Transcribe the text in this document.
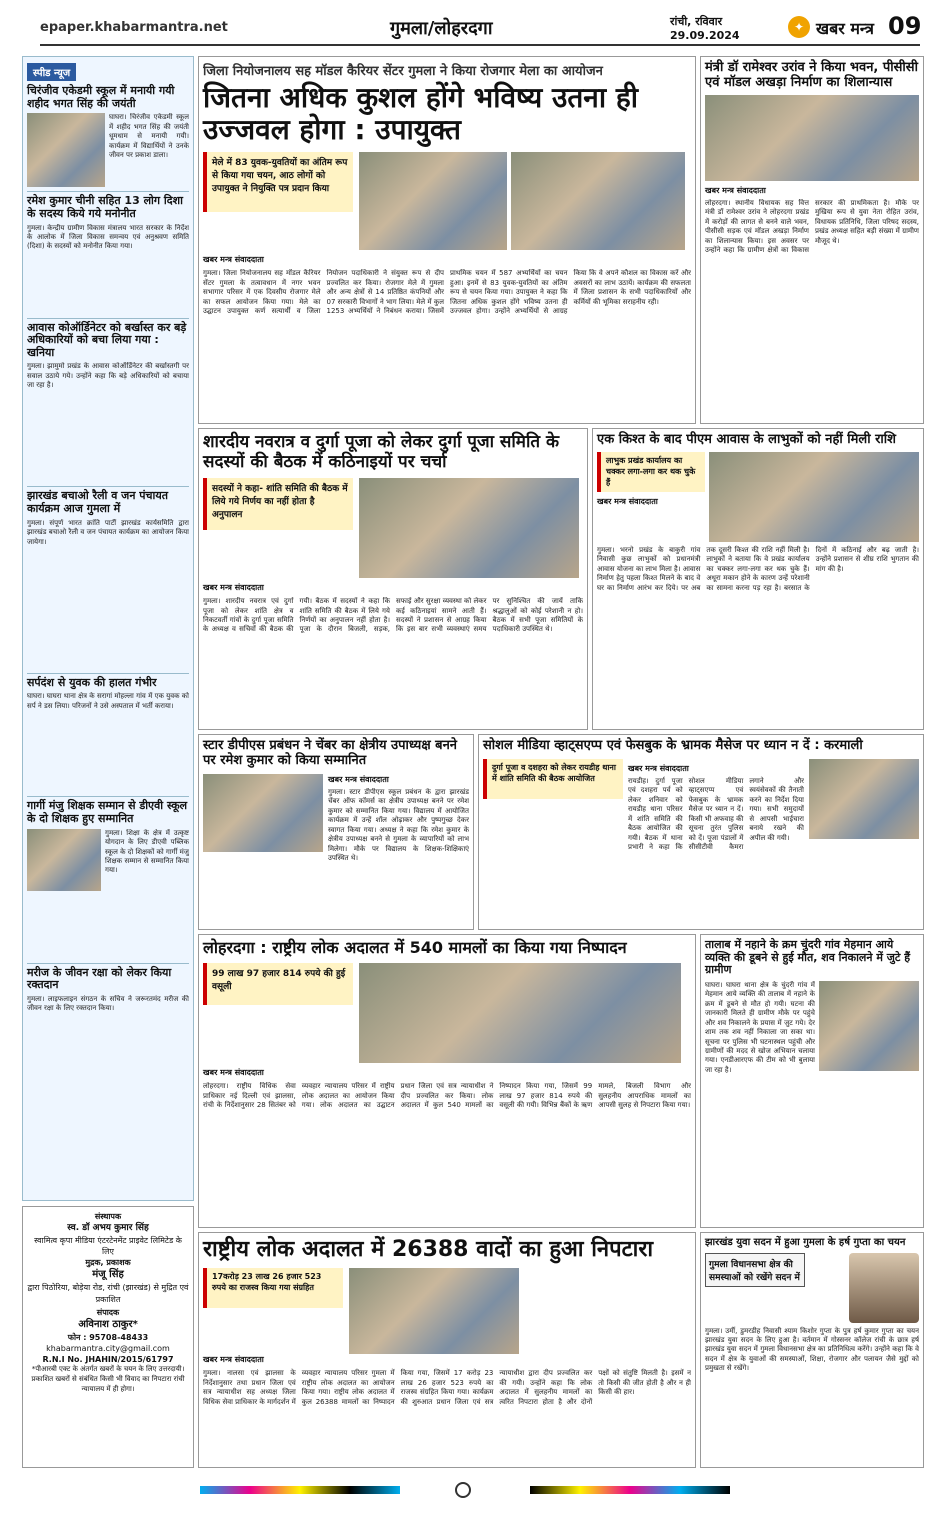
epaper.khabarmantra.net	गुमला/लोहरदगा	रांची, रविवार
29.09.2024
✦ खबर मन्त्र 09
स्पीड न्यूज
चिरंजीव एकेडमी स्कूल में मनायी गयी शहीद भगत सिंह की जयंती
घाघरा। चिरंजीव एकेडमी स्कूल में शहीद भगत सिंह की जयंती धूमधाम से मनायी गयी। कार्यक्रम में विद्यार्थियों ने उनके जीवन पर प्रकाश डाला।
रमेश कुमार चीनी सहित 13 लोग दिशा के सदस्य किये गये मनोनीत
गुमला। केन्द्रीय ग्रामीण विकास मंत्रालय भारत सरकार के निर्देश के आलोक में जिला विकास समन्वय एवं अनुश्रवण समिति (दिशा) के सदस्यों को मनोनीत किया गया।
आवास कोऑर्डिनेटर को बर्खास्त कर बड़े अधिकारियों को बचा लिया गया : खनिया
गुमला। झामुमो प्रखंड के आवास कोऑर्डिनेटर की बर्खास्तगी पर सवाल उठाये गये। उन्होंने कहा कि बड़े अधिकारियों को बचाया जा रहा है।
झारखंड बचाओ रैली व जन पंचायत कार्यक्रम आज गुमला में
गुमला। संपूर्ण भारत क्रांति पार्टी झारखंड कार्यसमिति द्वारा झारखंड बचाओ रैली व जन पंचायत कार्यक्रम का आयोजन किया जायेगा।
सर्पदंश से युवक की हालत गंभीर
घाघरा। घाघरा थाना क्षेत्र के सरागां मोहल्ला गांव में एक युवक को सर्प ने डस लिया। परिजनों ने उसे अस्पताल में भर्ती कराया।
गार्गी मंजु शिक्षक सम्मान से डीएवी स्कूल के दो शिक्षक हुए सम्मानित
गुमला। शिक्षा के क्षेत्र में उत्कृष्ट योगदान के लिए डीएवी पब्लिक स्कूल के दो शिक्षकों को गार्गी मंजु शिक्षक सम्मान से सम्मानित किया गया।
मरीज के जीवन रक्षा को लेकर किया रक्तदान
गुमला। लाइफलाइन संगठन के सचिव ने जरूरतमंद मरीज की जीवन रक्षा के लिए रक्तदान किया।
संस्थापक
स्व. डॉ अभय कुमार सिंह
स्वामित्व कृपा मीडिया एंटरटेनमेंट प्राइवेट लिमिटेड के लिए
मुद्रक, प्रकाशक
मंजू सिंह
द्वारा पिठोरिया, बोड़ेया रोड, रांची (झारखंड) से मुद्रित एवं प्रकाशित
संपादक
अविनाश ठाकुर*
फोन : 95708-48433
khabarmantra.city@gmail.com
R.N.I No. JHAHIN/2015/61797
*पीआरबी एक्ट के अंतर्गत खबरों के चयन के लिए उत्तरदायी। प्रकाशित खबरों से संबंधित किसी भी विवाद का निपटारा रांची न्यायालय में ही होगा।
जिला नियोजनालय सह मॉडल कैरियर सेंटर गुमला ने किया रोजगार मेला का आयोजन
जितना अधिक कुशल होंगे भविष्य उतना ही उज्जवल होगा : उपायुक्त
मेले में 83 युवक-युवतियों का अंतिम रूप से किया गया चयन, आठ लोगों को उपायुक्त ने नियुक्ति पत्र प्रदान किया
खबर मन्त्र संवाददाता
गुमला। जिला नियोजनालय सह मॉडल कैरियर सेंटर गुमला के तत्वावधान में नगर भवन सभागार परिसर में एक दिवसीय रोजगार मेले का सफल आयोजन किया गया। मेले का उद्घाटन उपायुक्त कर्ण सत्यार्थी व जिला नियोजन पदाधिकारी ने संयुक्त रूप से दीप प्रज्वलित कर किया। रोजगार मेले में गुमला और अन्य क्षेत्रों से 14 प्रतिष्ठित कंपनियों और 07 सरकारी विभागों ने भाग लिया। मेले में कुल 1253 अभ्यर्थियों ने निबंधन कराया। जिसमें प्राथमिक चयन में 587 अभ्यर्थियों का चयन हुआ। इनमें से 83 युवक-युवतियों का अंतिम रूप से चयन किया गया। उपायुक्त ने कहा कि जितना अधिक कुशल होंगे भविष्य उतना ही उज्जवल होगा। उन्होंने अभ्यर्थियों से आग्रह किया कि वे अपने कौशल का विकास करें और अवसरों का लाभ उठायें। कार्यक्रम की सफलता में जिला प्रशासन के सभी पदाधिकारियों और कर्मियों की भूमिका सराहनीय रही।
मंत्री डॉ रामेश्वर उरांव ने किया भवन, पीसीसी एवं मॉडल अखड़ा निर्माण का शिलान्यास
खबर मन्त्र संवाददाता
लोहरदगा। स्थानीय विधायक सह वित्त मंत्री डॉ रामेश्वर उरांव ने लोहरदगा प्रखंड में करोड़ों की लागत से बनने वाले भवन, पीसीसी सड़क एवं मॉडल अखड़ा निर्माण का शिलान्यास किया। इस अवसर पर उन्होंने कहा कि ग्रामीण क्षेत्रों का विकास सरकार की प्राथमिकता है। मौके पर मुखिया रूप से युवा नेता रोहित उरांव, विधायक प्रतिनिधि, जिला परिषद सदस्य, प्रखंड अध्यक्ष सहित बड़ी संख्या में ग्रामीण मौजूद थे।
शारदीय नवरात्र व दुर्गा पूजा को लेकर दुर्गा पूजा समिति के सदस्यों की बैठक में कठिनाइयों पर चर्चा
सदस्यों ने कहा- शांति समिति की बैठक में लिये गये निर्णय का नहीं होता है अनुपालन
खबर मन्त्र संवाददाता
गुमला। शारदीय नवरात्र एवं दुर्गा पूजा को लेकर शांति क्षेत्र व निकटवर्ती गांवों के दुर्गा पूजा समिति के अध्यक्ष व सचिवों की बैठक की गयी। बैठक में सदस्यों ने कहा कि शांति समिति की बैठक में लिये गये निर्णयों का अनुपालन नहीं होता है। पूजा के दौरान बिजली, सड़क, सफाई और सुरक्षा व्यवस्था को लेकर कई कठिनाइयां सामने आती हैं। सदस्यों ने प्रशासन से आग्रह किया कि इस बार सभी व्यवस्थाएं समय पर सुनिश्चित की जायें ताकि श्रद्धालुओं को कोई परेशानी न हो। बैठक में सभी पूजा समितियों के पदाधिकारी उपस्थित थे।
एक किश्त के बाद पीएम आवास के लाभुकों को नहीं मिली राशि
लाभुक प्रखंड कार्यालय का चक्कर लगा-लगा कर थक चुके हैं
खबर मन्त्र संवाददाता
गुमला। भरनो प्रखंड के बाकुरी गांव निवासी कुछ लाभुकों को प्रधानमंत्री आवास योजना का लाभ मिला है। आवास निर्माण हेतु पहला किश्त मिलने के बाद वे घर का निर्माण आरंभ कर दिये। पर अब तक दूसरी किश्त की राशि नहीं मिली है। लाभुकों ने बताया कि वे प्रखंड कार्यालय का चक्कर लगा-लगा कर थक चुके हैं। अधूरा मकान होने के कारण उन्हें परेशानी का सामना करना पड़ रहा है। बरसात के दिनों में कठिनाई और बढ़ जाती है। उन्होंने प्रशासन से शीघ्र राशि भुगतान की मांग की है।
स्टार डीपीएस प्रबंधन ने चेंबर का क्षेत्रीय उपाध्यक्ष बनने पर रमेश कुमार को किया सम्मानित
खबर मन्त्र संवाददाता
गुमला। स्टार डीपीएस स्कूल प्रबंधन के द्वारा झारखंड चेंबर ऑफ कॉमर्स का क्षेत्रीय उपाध्यक्ष बनने पर रमेश कुमार को सम्मानित किया गया। विद्यालय में आयोजित कार्यक्रम में उन्हें शॉल ओढ़ाकर और पुष्पगुच्छ देकर स्वागत किया गया। अध्यक्ष ने कहा कि रमेश कुमार के क्षेत्रीय उपाध्यक्ष बनने से गुमला के व्यापारियों को लाभ मिलेगा। मौके पर विद्यालय के शिक्षक-शिक्षिकाएं उपस्थित थे।
सोशल मीडिया व्हाट्सएप्प एवं फेसबुक के भ्रामक मैसेज पर ध्यान न दें : करमाली
दुर्गा पूजा व दशहरा को लेकर रायडीह थाना में शांति समिति की बैठक आयोजित
खबर मन्त्र संवाददाता
रायडीह। दुर्गा पूजा एवं दशहरा पर्व को लेकर शनिवार को रायडीह थाना परिसर में शांति समिति की बैठक आयोजित की गयी। बैठक में थाना प्रभारी ने कहा कि सोशल मीडिया व्हाट्सएप्प एवं फेसबुक के भ्रामक मैसेज पर ध्यान न दें। किसी भी अफवाह की सूचना तुरंत पुलिस को दें। पूजा पंडालों में सीसीटीवी कैमरा लगाने और स्वयंसेवकों की तैनाती करने का निर्देश दिया गया। सभी समुदायों से आपसी भाईचारा बनाये रखने की अपील की गयी।
लोहरदगा : राष्ट्रीय लोक अदालत में 540 मामलों का किया गया निष्पादन
99 लाख 97 हजार 814 रुपये की हुई वसूली
खबर मन्त्र संवाददाता
लोहरदगा। राष्ट्रीय विधिक सेवा प्राधिकार नई दिल्ली एवं झालसा, रांची के निर्देशानुसार 28 सितंबर को व्यवहार न्यायालय परिसर में राष्ट्रीय लोक अदालत का आयोजन किया गया। लोक अदालत का उद्घाटन प्रधान जिला एवं सत्र न्यायाधीश ने दीप प्रज्वलित कर किया। लोक अदालत में कुल 540 मामलों का निष्पादन किया गया, जिसमें 99 लाख 97 हजार 814 रुपये की वसूली की गयी। विभिन्न बैंकों के ऋण मामले, बिजली विभाग और सुलहनीय आपराधिक मामलों का आपसी सुलह से निपटारा किया गया।
तालाब में नहाने के क्रम चुंदरी गांव मेहमान आये व्यक्ति की डूबने से हुई मौत, शव निकालने में जुटे हैं ग्रामीण
घाघरा। घाघरा थाना क्षेत्र के चुंदरी गांव में मेहमान आये व्यक्ति की तालाब में नहाने के क्रम में डूबने से मौत हो गयी। घटना की जानकारी मिलते ही ग्रामीण मौके पर पहुंचे और शव निकालने के प्रयास में जुट गये। देर शाम तक शव नहीं निकाला जा सका था। सूचना पर पुलिस भी घटनास्थल पहुंची और ग्रामीणों की मदद से खोज अभियान चलाया गया। एनडीआरएफ की टीम को भी बुलाया जा रहा है।
राष्ट्रीय लोक अदालत में 26388 वादों का हुआ निपटारा
17करोड़ 23 लाख 26 हजार 523 रुपये का राजस्व किया गया संग्रहित
खबर मन्त्र संवाददाता
गुमला। नालसा एवं झालसा के निर्देशानुसार तथा प्रधान जिला एवं सत्र न्यायाधीश सह अध्यक्ष जिला विधिक सेवा प्राधिकार के मार्गदर्शन में व्यवहार न्यायालय परिसर गुमला में राष्ट्रीय लोक अदालत का आयोजन किया गया। राष्ट्रीय लोक अदालत में कुल 26388 मामलों का निष्पादन किया गया, जिसमें 17 करोड़ 23 लाख 26 हजार 523 रुपये का राजस्व संग्रहित किया गया। कार्यक्रम की शुरुआत प्रधान जिला एवं सत्र न्यायाधीश द्वारा दीप प्रज्वलित कर की गयी। उन्होंने कहा कि लोक अदालत में सुलहनीय मामलों का त्वरित निपटारा होता है और दोनों पक्षों को संतुष्टि मिलती है। इसमें न तो किसी की जीत होती है और न ही किसी की हार।
झारखंड युवा सदन में हुआ गुमला के हर्ष गुप्ता का चयन
गुमला विधानसभा क्षेत्र की समस्याओं को रखेंगे सदन में
गुमला। उर्मी, डुमरडीह निवासी श्याम किशोर गुप्ता के पुत्र हर्ष कुमार गुप्ता का चयन झारखंड युवा सदन के लिए हुआ है। वर्तमान में गोस्सनर कॉलेज रांची के छात्र हर्ष झारखंड युवा सदन में गुमला विधानसभा क्षेत्र का प्रतिनिधित्व करेंगे। उन्होंने कहा कि वे सदन में क्षेत्र के युवाओं की समस्याओं, शिक्षा, रोजगार और पलायन जैसे मुद्दों को प्रमुखता से रखेंगे।
